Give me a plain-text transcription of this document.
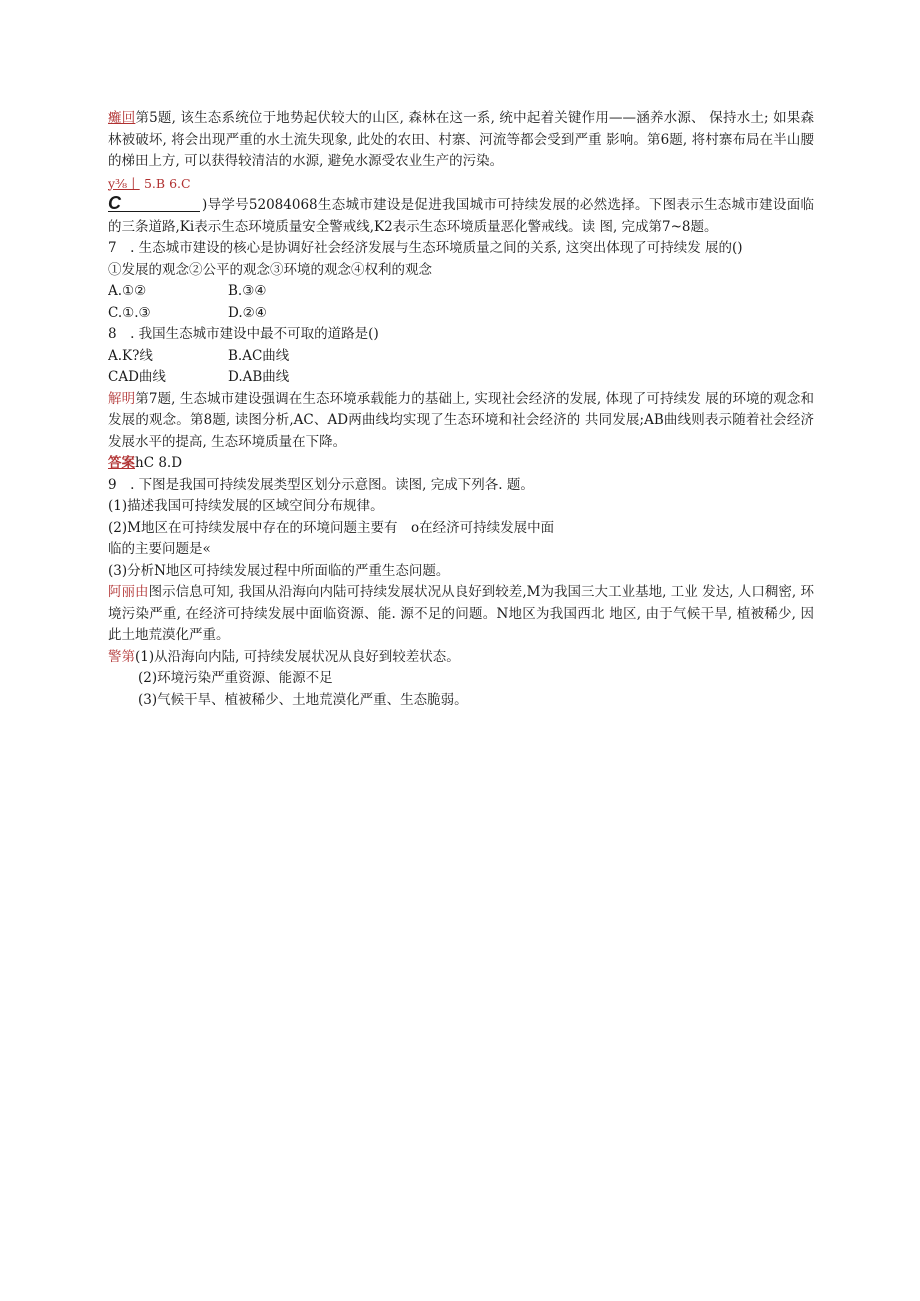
癱回第5题, 该生态系统位于地势起伏较大的山区, 森林在这一系, 统中起着关键作用——涵养水源、 保持水土; 如果森林被破坏, 将会出现严重的水土流失现象, 此处的农田、村寨、河流等都会受到严重 影响。第6题, 将村寨布局在半山腰的梯田上方, 可以获得较清洁的水源, 避免水源受农业生产的污染。
y⅜丨 5.B 6.C
C	)导学号52084068生态城市建设是促进我国城市可持续发展的必然选择。下图表示生态城市建设面临的三条道路,Ki表示生态环境质量安全警戒线,K2表示生态环境质量恶化警戒线。读 图, 完成第7~8题。
7　. 生态城市建设的核心是协调好社会经济发展与生态环境质量之间的关系, 这突出体现了可持续发 展的()
①发展的观念②公平的观念③环境的观念④权利的观念
A.①②	B.③④
C.①.③	D.②④
8　. 我国生态城市建设中最不可取的道路是()
A.K?线	B.AC曲线
CAD曲线	D.AB曲线
解明第7题, 生态城市建设强调在生态环境承载能力的基础上, 实现社会经济的发展, 体现了可持续发 展的环境的观念和发展的观念。第8题, 读图分析,AC、AD两曲线均实现了生态环境和社会经济的 共同发展;AB曲线则表示随着社会经济发展水平的提高, 生态环境质量在下降。
答案hC 8.D
9　. 下图是我国可持续发展类型区划分示意图。读图, 完成下列各. 题。
(1)描述我国可持续发展的区域空间分布规律。
(2)M地区在可持续发展中存在的环境问题主要有　o在经济可持续发展中面
临的主要问题是«
(3)分析N地区可持续发展过程中所面临的严重生态问题。
阿丽由图示信息可知, 我国从沿海向内陆可持续发展状况从良好到较差,M为我国三大工业基地, 工业 发达, 人口稠密, 环境污染严重, 在经济可持续发展中面临资源、能. 源不足的问题。N地区为我国西北 地区, 由于气候干旱, 植被稀少, 因此土地荒漠化严重。
警第(1)从沿海向内陆, 可持续发展状况从良好到较差状态。
(2)环境污染严重资源、能源不足
(3)气候干旱、植被稀少、土地荒漠化严重、生态脆弱。
